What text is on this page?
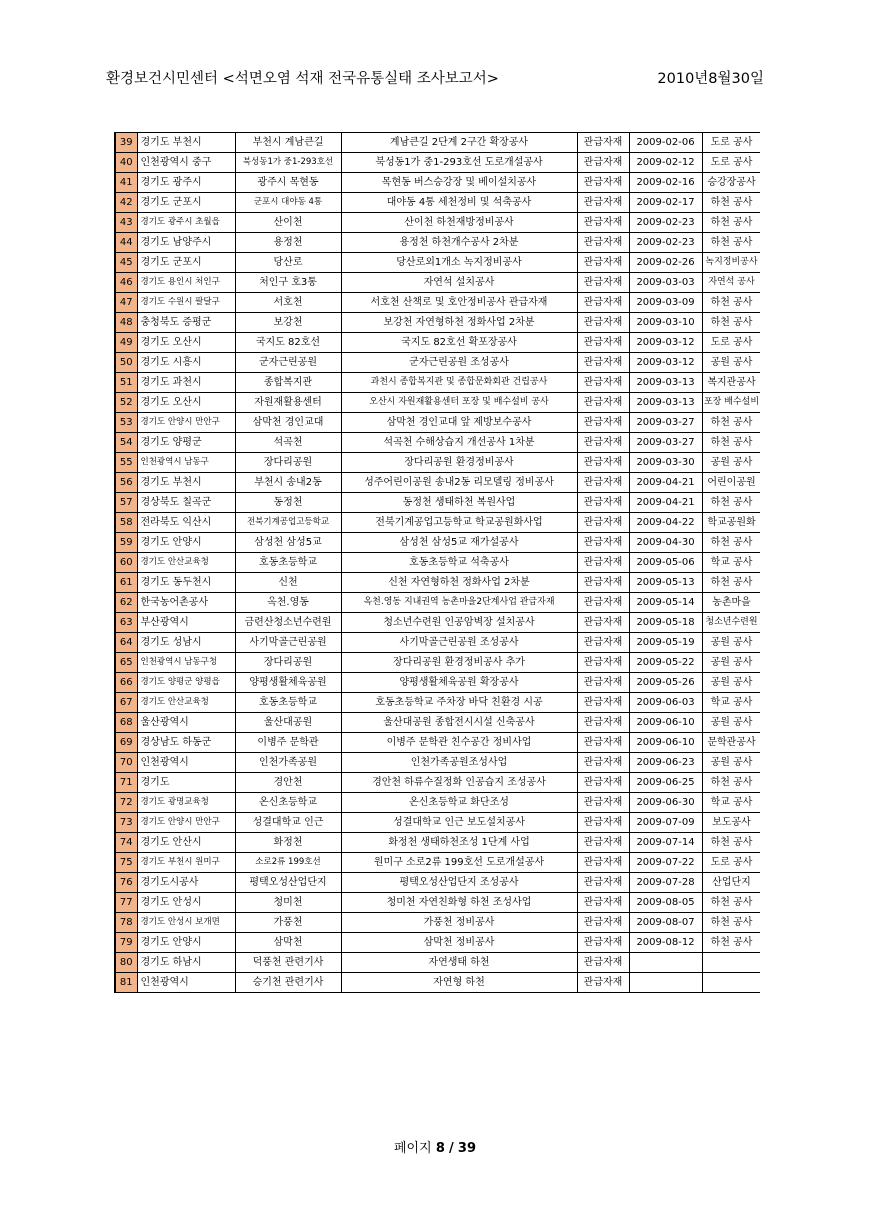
환경보건시민센터 <석면오염 석재 전국유통실태 조사보고서>	2010년8월30일
39	경기도 부천시	부천시 계남큰길	계남큰길 2단계 2구간 확장공사	관급자재	2009-02-06	도로 공사
40	인천광역시 중구	북성동1가 중1-293호선	북성동1가 중1-293호선 도로개설공사	관급자재	2009-02-12	도로 공사
41	경기도 광주시	광주시 목현동	목현동 버스승강장 및 베이설치공사	관급자재	2009-02-16	승강장공사
42	경기도 군포시	군포시 대야동 4통	대야동 4통 세천정비 및 석축공사	관급자재	2009-02-17	하천 공사
43	경기도 광주시 초월읍	산이천	산이천 하천재방정비공사	관급자재	2009-02-23	하천 공사
44	경기도 남양주시	용정천	용정천 하천개수공사 2차분	관급자재	2009-02-23	하천 공사
45	경기도 군포시	당산로	당산로외1개소 녹지정비공사	관급자재	2009-02-26	녹지정비공사
46	경기도 용인시 처인구	처인구 호3통	자연석 설치공사	관급자재	2009-03-03	자연석 공사
47	경기도 수원시 팔달구	서호천	서호천 산책로 및 호안정비공사 관급자재	관급자재	2009-03-09	하천 공사
48	충청북도 증평군	보강천	보강천 자연형하천 정화사업 2차분	관급자재	2009-03-10	하천 공사
49	경기도 오산시	국지도 82호선	국지도 82호선 확포장공사	관급자재	2009-03-12	도로 공사
50	경기도 시흥시	군자근린공원	군자근린공원 조성공사	관급자재	2009-03-12	공원 공사
51	경기도 과천시	종합복지관	과천시 종합복지관 및 종합문화회관 건립공사	관급자재	2009-03-13	복지관공사
52	경기도 오산시	자원재활용센터	오산시 자원재활용센터 포장 및 배수설비 공사	관급자재	2009-03-13	포장 배수설비
53	경기도 안양시 만안구	삼막천 경인교대	삼막천 경인교대 앞 제방보수공사	관급자재	2009-03-27	하천 공사
54	경기도 양평군	석곡천	석곡천 수해상습지 개선공사 1차분	관급자재	2009-03-27	하천 공사
55	인천광역시 남동구	장다리공원	장다리공원 환경정비공사	관급자재	2009-03-30	공원 공사
56	경기도 부천시	부천시 송내2동	성주어린이공원 송내2동 리모델링 정비공사	관급자재	2009-04-21	어린이공원
57	경상북도 칠곡군	동정천	동정천 생태하천 복원사업	관급자재	2009-04-21	하천 공사
58	전라북도 익산시	전북기계공업고등학교	전북기계공업고등학교 학교공원화사업	관급자재	2009-04-22	학교공원화
59	경기도 안양시	삼성천 삼성5교	삼성천 삼성5교 재가설공사	관급자재	2009-04-30	하천 공사
60	경기도 안산교육청	호동초등학교	호동초등학교 석축공사	관급자재	2009-05-06	학교 공사
61	경기도 동두천시	신천	신천 자연형하천 정화사업 2차분	관급자재	2009-05-13	하천 공사
62	한국농어촌공사	옥천.영동	옥천.영동 지내권역 농촌마을2단계사업 관급자재	관급자재	2009-05-14	농촌마을
63	부산광역시	금련산청소년수련원	청소년수련원 인공암벽장 설치공사	관급자재	2009-05-18	청소년수련원
64	경기도 성남시	사기막골근린공원	사기막골근린공원 조성공사	관급자재	2009-05-19	공원 공사
65	인천광역시 남동구청	장다리공원	장다리공원 환경정비공사 추가	관급자재	2009-05-22	공원 공사
66	경기도 양평군 양평읍	양평생활체육공원	양평생활체육공원 확장공사	관급자재	2009-05-26	공원 공사
67	경기도 안산교육청	호동초등학교	호동초등학교 주차장 바닥 친환경 시공	관급자재	2009-06-03	학교 공사
68	울산광역시	울산대공원	울산대공원 종합전시시설 신축공사	관급자재	2009-06-10	공원 공사
69	경상남도 하동군	이병주 문학관	이병주 문학관 친수공간 정비사업	관급자재	2009-06-10	문학관공사
70	인천광역시	인천가족공원	인천가족공원조성사업	관급자재	2009-06-23	공원 공사
71	경기도	경안천	경안천 하류수질정화 인공습지 조성공사	관급자재	2009-06-25	하천 공사
72	경기도 광명교육청	온신초등학교	온신초등학교 화단조성	관급자재	2009-06-30	학교 공사
73	경기도 안양시 만안구	성결대학교 인근	성결대학교 인근 보도설치공사	관급자재	2009-07-09	보도공사
74	경기도 안산시	화정천	화정천 생태하천조성 1단계 사업	관급자재	2009-07-14	하천 공사
75	경기도 부천시 원미구	소로2류 199호선	원미구 소로2류 199호선 도로개설공사	관급자재	2009-07-22	도로 공사
76	경기도시공사	평택오성산업단지	평택오성산업단지 조성공사	관급자재	2009-07-28	산업단지
77	경기도 안성시	청미천	청미천 자연친화형 하천 조성사업	관급자재	2009-08-05	하천 공사
78	경기도 안성시 보개면	가풍천	가풍천 정비공사	관급자재	2009-08-07	하천 공사
79	경기도 안양시	삼막천	삼막천 정비공사	관급자재	2009-08-12	하천 공사
80	경기도 하남시	덕풍천 관련기사	자연생태 하천	관급자재		
81	인천광역시	승기천 관련기사	자연형 하천	관급자재		
페이지 8 / 39
